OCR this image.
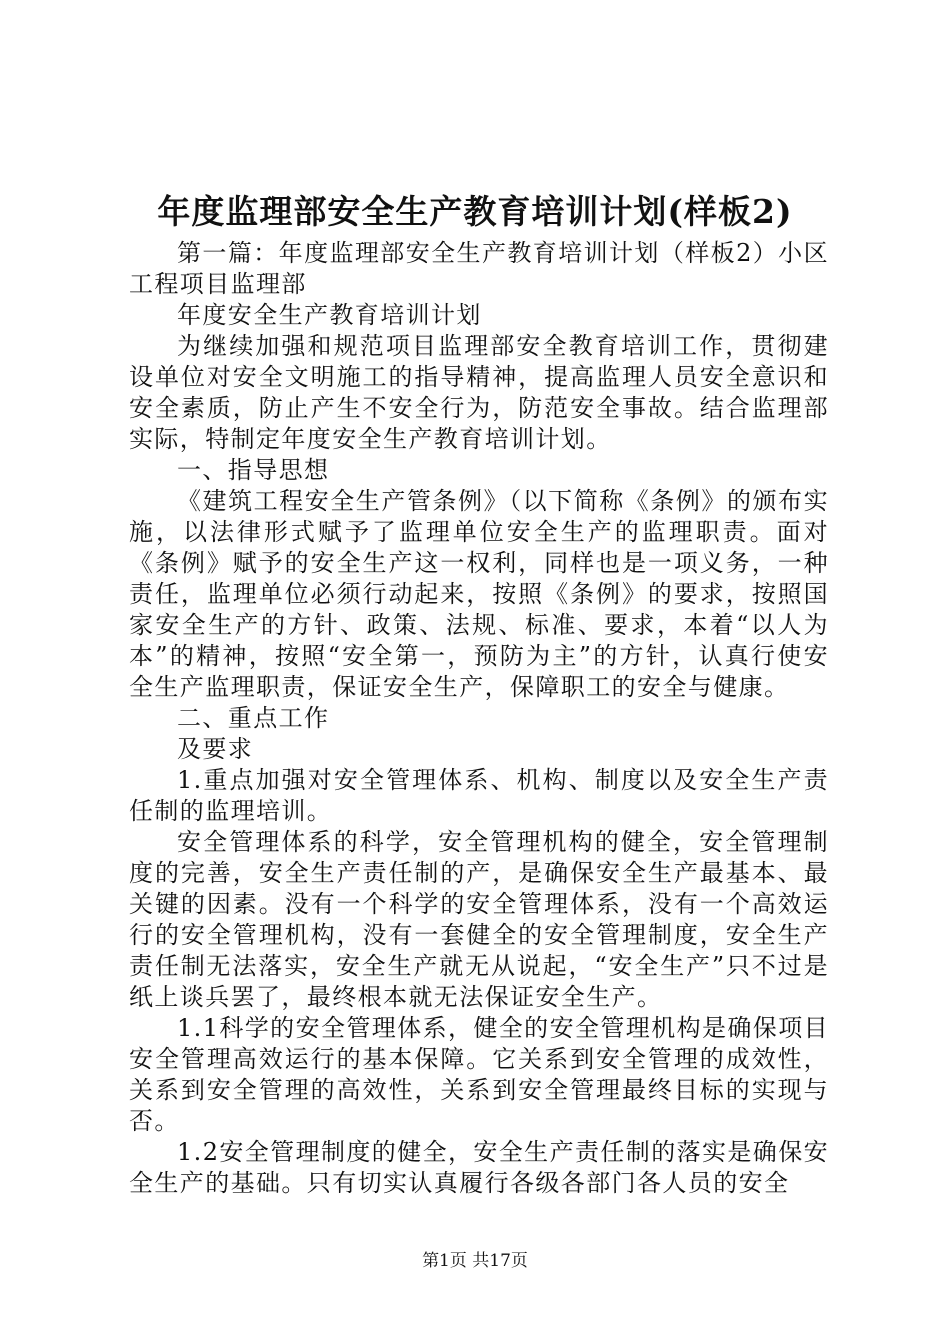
年度监理部安全生产教育培训计划(样板2)

第一篇：年度监理部安全生产教育培训计划（样板2）小区工程项目监理部

年度安全生产教育培训计划

为继续加强和规范项目监理部安全教育培训工作，贯彻建设单位对安全文明施工的指导精神，提高监理人员安全意识和安全素质，防止产生不安全行为，防范安全事故。结合监理部实际，特制定年度安全生产教育培训计划。

一、指导思想

《建筑工程安全生产管条例》（以下简称《条例》的颁布实施，以法律形式赋予了监理单位安全生产的监理职责。面对《条例》赋予的安全生产这一权利，同样也是一项义务，一种责任，监理单位必须行动起来，按照《条例》的要求，按照国家安全生产的方针、政策、法规、标准、要求，本着“以人为本”的精神，按照“安全第一，预防为主”的方针，认真行使安全生产监理职责，保证安全生产，保障职工的安全与健康。

二、重点工作

及要求

1.重点加强对安全管理体系、机构、制度以及安全生产责任制的监理培训。

安全管理体系的科学，安全管理机构的健全，安全管理制度的完善，安全生产责任制的产，是确保安全生产最基本、最关键的因素。没有一个科学的安全管理体系，没有一个高效运行的安全管理机构，没有一套健全的安全管理制度，安全生产责任制无法落实，安全生产就无从说起，“安全生产”只不过是纸上谈兵罢了，最终根本就无法保证安全生产。

1.1科学的安全管理体系，健全的安全管理机构是确保项目安全管理高效运行的基本保障。它关系到安全管理的成效性，关系到安全管理的高效性，关系到安全管理最终目标的实现与否。

1.2安全管理制度的健全，安全生产责任制的落实是确保安全生产的基础。只有切实认真履行各级各部门各人员的安全

第1页 共17页
